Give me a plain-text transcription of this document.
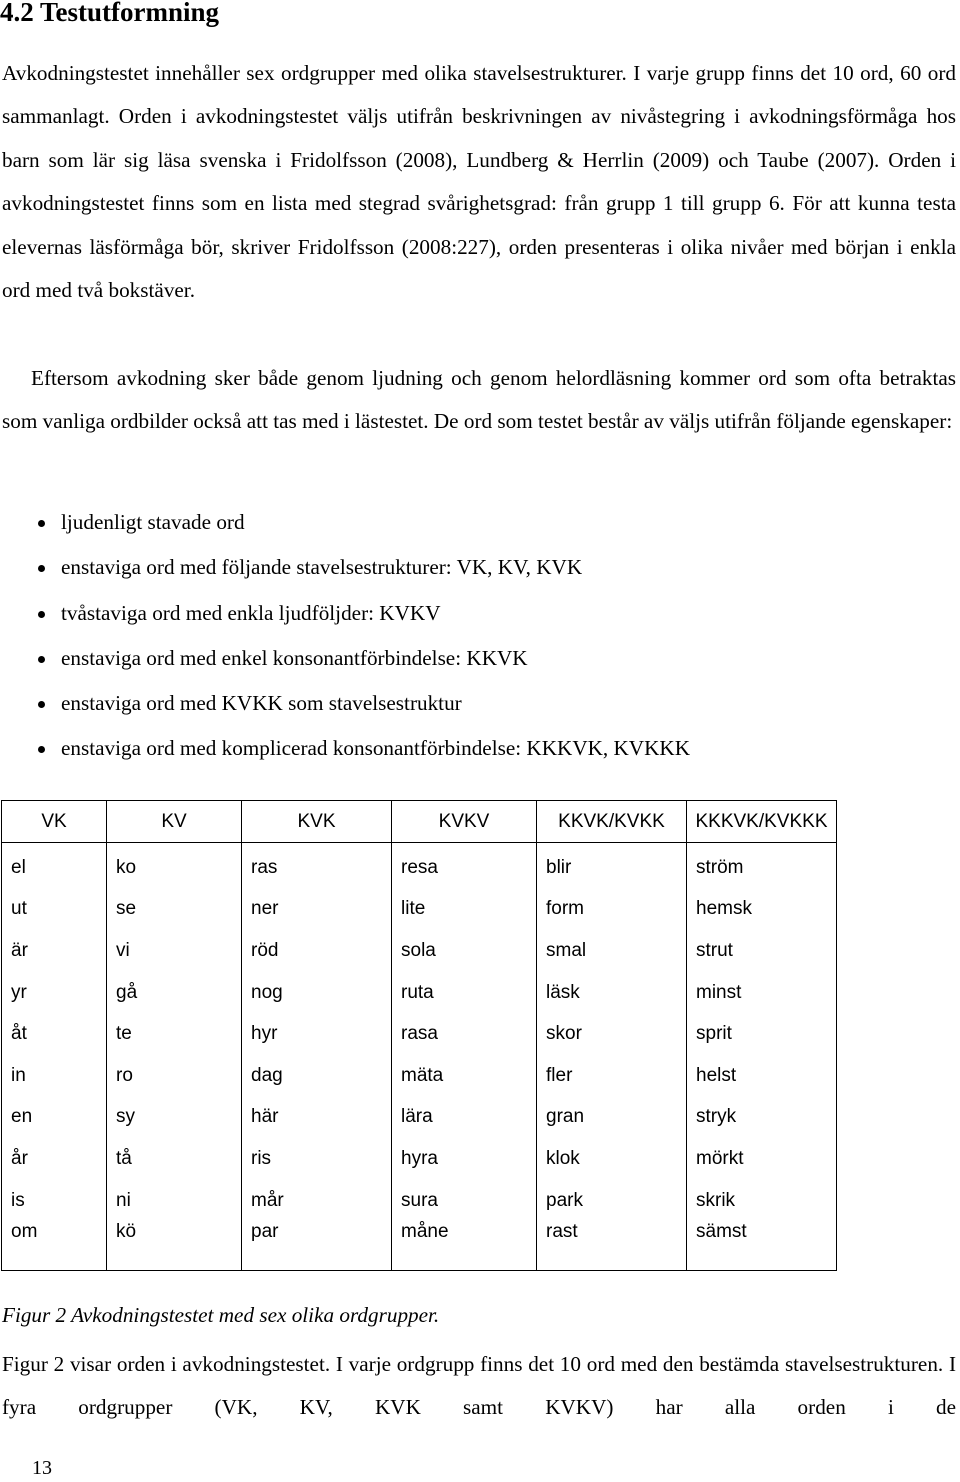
4.2 Testutformning

Avkodningstestet innehåller sex ordgrupper med olika stavelsestrukturer. I varje grupp finns det 10 ord, 60 ord sammanlagt. Orden i avkodningstestet väljs utifrån beskrivningen av nivåstegring i avkodningsförmåga hos barn som lär sig läsa svenska i Fridolfsson (2008), Lundberg & Herrlin (2009) och Taube (2007). Orden i avkodningstestet finns som en lista med stegrad svårighetsgrad: från grupp 1 till grupp 6. För att kunna testa elevernas läsförmåga bör, skriver Fridolfsson (2008:227), orden presenteras i olika nivåer med början i enkla ord med två bokstäver.

Eftersom avkodning sker både genom ljudning och genom helordläsning kommer ord som ofta betraktas som vanliga ordbilder också att tas med i lästestet. De ord som testet består av väljs utifrån följande egenskaper:

ljudenligt stavade ord
enstaviga ord med följande stavelsestrukturer: VK, KV, KVK
tvåstaviga ord med enkla ljudföljder: KVKV
enstaviga ord med enkel konsonantförbindelse: KKVK
enstaviga ord med KVKK som stavelsestruktur
enstaviga ord med komplicerad konsonantförbindelse: KKKVK, KVKKK
VK	KV	KVK	KVKV	KKVK/KVKK	KKKVK/KVKKK
el	ko	ras	resa	blir	ström
ut	se	ner	lite	form	hemsk
är	vi	röd	sola	smal	strut
yr	gå	nog	ruta	läsk	minst
åt	te	hyr	rasa	skor	sprit
in	ro	dag	mäta	fler	helst
en	sy	här	lära	gran	stryk
år	tå	ris	hyra	klok	mörkt
is	ni	mår	sura	park	skrik
om	kö	par	måne	rast	sämst

Figur 2 Avkodningstestet med sex olika ordgrupper.

Figur 2 visar orden i avkodningstestet. I varje ordgrupp finns det 10 ord med den bestämda stavelsestrukturen. I fyra ordgrupper (VK, KV, KVK samt KVKV) har alla orden i de

13
